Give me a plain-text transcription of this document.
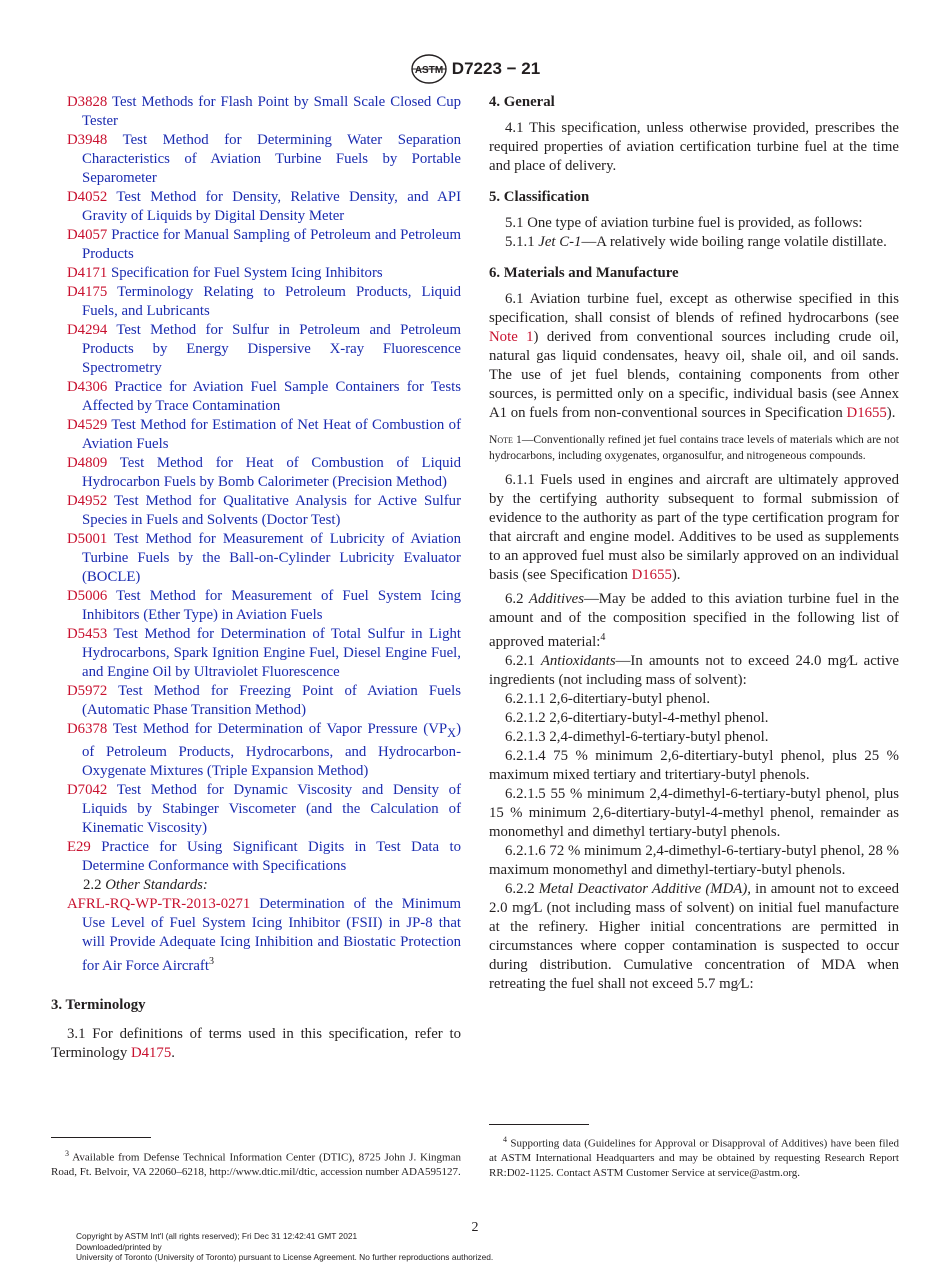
ASTM D7223 − 21

D3828 Test Methods for Flash Point by Small Scale Closed Cup Tester

D3948 Test Method for Determining Water Separation Characteristics of Aviation Turbine Fuels by Portable Separometer

D4052 Test Method for Density, Relative Density, and API Gravity of Liquids by Digital Density Meter

D4057 Practice for Manual Sampling of Petroleum and Petroleum Products

D4171 Specification for Fuel System Icing Inhibitors

D4175 Terminology Relating to Petroleum Products, Liquid Fuels, and Lubricants

D4294 Test Method for Sulfur in Petroleum and Petroleum Products by Energy Dispersive X-ray Fluorescence Spectrometry

D4306 Practice for Aviation Fuel Sample Containers for Tests Affected by Trace Contamination

D4529 Test Method for Estimation of Net Heat of Combustion of Aviation Fuels

D4809 Test Method for Heat of Combustion of Liquid Hydrocarbon Fuels by Bomb Calorimeter (Precision Method)

D4952 Test Method for Qualitative Analysis for Active Sulfur Species in Fuels and Solvents (Doctor Test)

D5001 Test Method for Measurement of Lubricity of Aviation Turbine Fuels by the Ball-on-Cylinder Lubricity Evaluator (BOCLE)

D5006 Test Method for Measurement of Fuel System Icing Inhibitors (Ether Type) in Aviation Fuels

D5453 Test Method for Determination of Total Sulfur in Light Hydrocarbons, Spark Ignition Engine Fuel, Diesel Engine Fuel, and Engine Oil by Ultraviolet Fluorescence

D5972 Test Method for Freezing Point of Aviation Fuels (Automatic Phase Transition Method)

D6378 Test Method for Determination of Vapor Pressure $(VP_X)$ of Petroleum Products, Hydrocarbons, and Hydrocarbon-Oxygenate Mixtures (Triple Expansion Method)

D7042 Test Method for Dynamic Viscosity and Density of Liquids by Stabinger Viscometer (and the Calculation of Kinematic Viscosity)

E29 Practice for Using Significant Digits in Test Data to Determine Conformance with Specifications

2.2 Other Standards:

AFRL-RQ-WP-TR-2013-0271 Determination of the Minimum Use Level of Fuel System Icing Inhibitor (FSII) in JP-8 that will Provide Adequate Icing Inhibition and Biostatic Protection for Air Force Aircraft$^3$

3. Terminology

3.1 For definitions of terms used in this specification, refer to Terminology D4175.

$^3$ Available from Defense Technical Information Center (DTIC), 8725 John J. Kingman Road, Ft. Belvoir, VA 22060–6218, http://www.dtic.mil/dtic, accession number ADA595127.

4. General

4.1 This specification, unless otherwise provided, prescribes the required properties of aviation certification turbine fuel at the time and place of delivery.

5. Classification

5.1 One type of aviation turbine fuel is provided, as follows:

5.1.1 Jet C-1—A relatively wide boiling range volatile distillate.

6. Materials and Manufacture

6.1 Aviation turbine fuel, except as otherwise specified in this specification, shall consist of blends of refined hydrocarbons (see Note 1) derived from conventional sources including crude oil, natural gas liquid condensates, heavy oil, shale oil, and oil sands. The use of jet fuel blends, containing components from other sources, is permitted only on a specific, individual basis (see Annex A1 on fuels from non-conventional sources in Specification D1655).

Note 1—Conventionally refined jet fuel contains trace levels of materials which are not hydrocarbons, including oxygenates, organosulfur, and nitrogeneous compounds.

6.1.1 Fuels used in engines and aircraft are ultimately approved by the certifying authority subsequent to formal submission of evidence to the authority as part of the type certification program for that aircraft and engine model. Additives to be used as supplements to an approved fuel must also be similarly approved on an individual basis (see Specification D1655).

6.2 Additives—May be added to this aviation turbine fuel in the amount and of the composition specified in the following list of approved material:$^4$

6.2.1 Antioxidants—In amounts not to exceed 24.0 mg⁄L active ingredients (not including mass of solvent):

6.2.1.1 2,6-ditertiary-butyl phenol.

6.2.1.2 2,6-ditertiary-butyl-4-methyl phenol.

6.2.1.3 2,4-dimethyl-6-tertiary-butyl phenol.

6.2.1.4 75 % minimum 2,6-ditertiary-butyl phenol, plus 25 % maximum mixed tertiary and tritertiary-butyl phenols.

6.2.1.5 55 % minimum 2,4-dimethyl-6-tertiary-butyl phenol, plus 15 % minimum 2,6-ditertiary-butyl-4-methyl phenol, remainder as monomethyl and dimethyl tertiary-butyl phenols.

6.2.1.6 72 % minimum 2,4-dimethyl-6-tertiary-butyl phenol, 28 % maximum monomethyl and dimethyl-tertiary-butyl phenols.

6.2.2 Metal Deactivator Additive (MDA), in amount not to exceed 2.0 mg⁄L (not including mass of solvent) on initial fuel manufacture at the refinery. Higher initial concentrations are permitted in circumstances where copper contamination is suspected to occur during distribution. Cumulative concentration of MDA when retreating the fuel shall not exceed 5.7 mg⁄L:

$^4$ Supporting data (Guidelines for Approval or Disapproval of Additives) have been filed at ASTM International Headquarters and may be obtained by requesting Research Report RR:D02-1125. Contact ASTM Customer Service at service@astm.org.
2
Copyright by ASTM Int'l (all rights reserved); Fri Dec 31 12:42:41 GMT 2021
Downloaded/printed by
University of Toronto (University of Toronto) pursuant to License Agreement. No further reproductions authorized.
